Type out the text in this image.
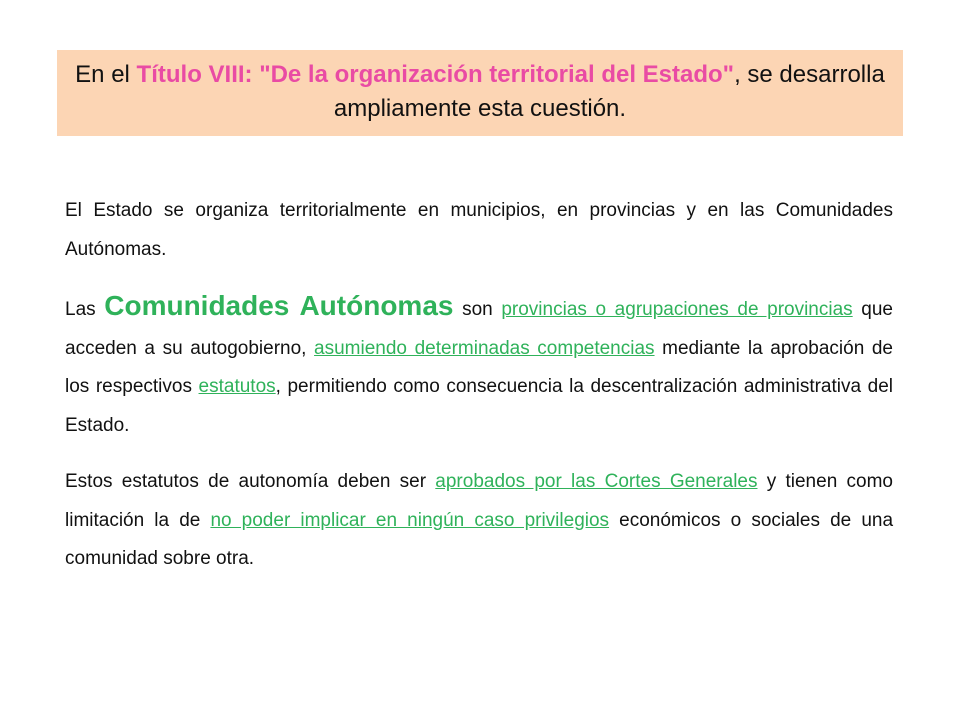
En el Título VIII: "De la organización territorial del Estado", se desarrolla ampliamente esta cuestión.

El Estado se organiza territorialmente en municipios, en provincias y en las Comunidades Autónomas.

Las Comunidades Autónomas son provincias o agrupaciones de provincias que acceden a su autogobierno, asumiendo determinadas competencias mediante la aprobación de los respectivos estatutos, permitiendo como consecuencia la descentralización administrativa del Estado.

Estos estatutos de autonomía deben ser aprobados por las Cortes Generales y tienen como limitación la de no poder implicar en ningún caso privilegios económicos o sociales de una comunidad sobre otra.
